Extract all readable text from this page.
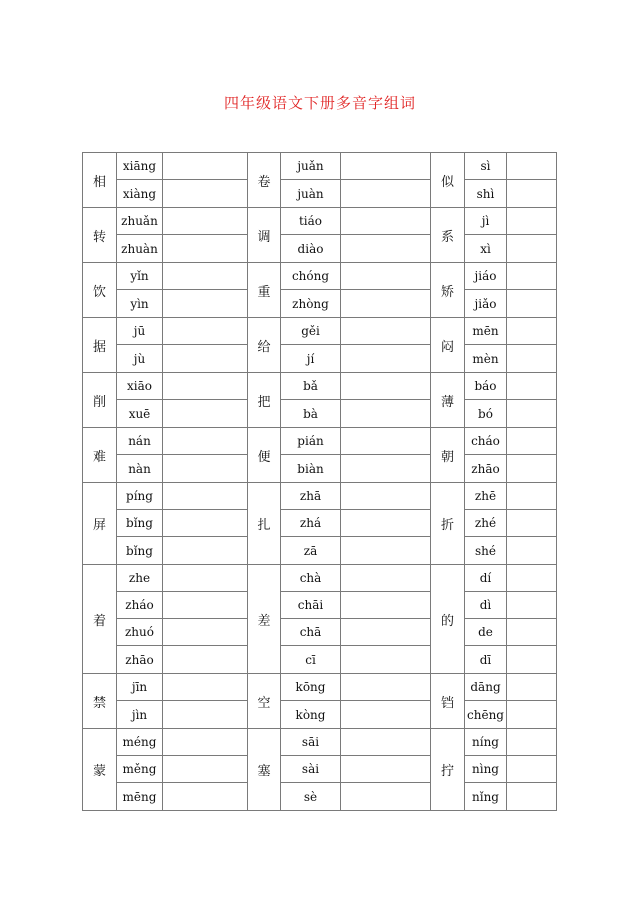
四年级语文下册多音字组词
相
xiāng
xiàng
卷
juǎn
juàn
似
sì
shì
转
zhuǎn
zhuàn
调
tiáo
diào
系
jì
xì
饮
yǐn
yìn
重
chóng
zhòng
矫
jiáo
jiǎo
据
jū
jù
给
gěi
jí
闷
mēn
mèn
削
xiāo
xuē
把
bǎ
bà
薄
báo
bó
难
nán
nàn
便
pián
biàn
朝
cháo
zhāo
屏
píng
bǐng
bǐng
扎
zhā
zhá
zā
折
zhē
zhé
shé
着
zhe
zháo
zhuó
zhāo
差
chà
chāi
chā
cī
的
dí
dì
de
dī
禁
jīn
jìn
空
kōng
kòng
铛
dāng
chēng
蒙
méng
měng
mēng
塞
sāi
sài
sè
拧
níng
nìng
nǐng
